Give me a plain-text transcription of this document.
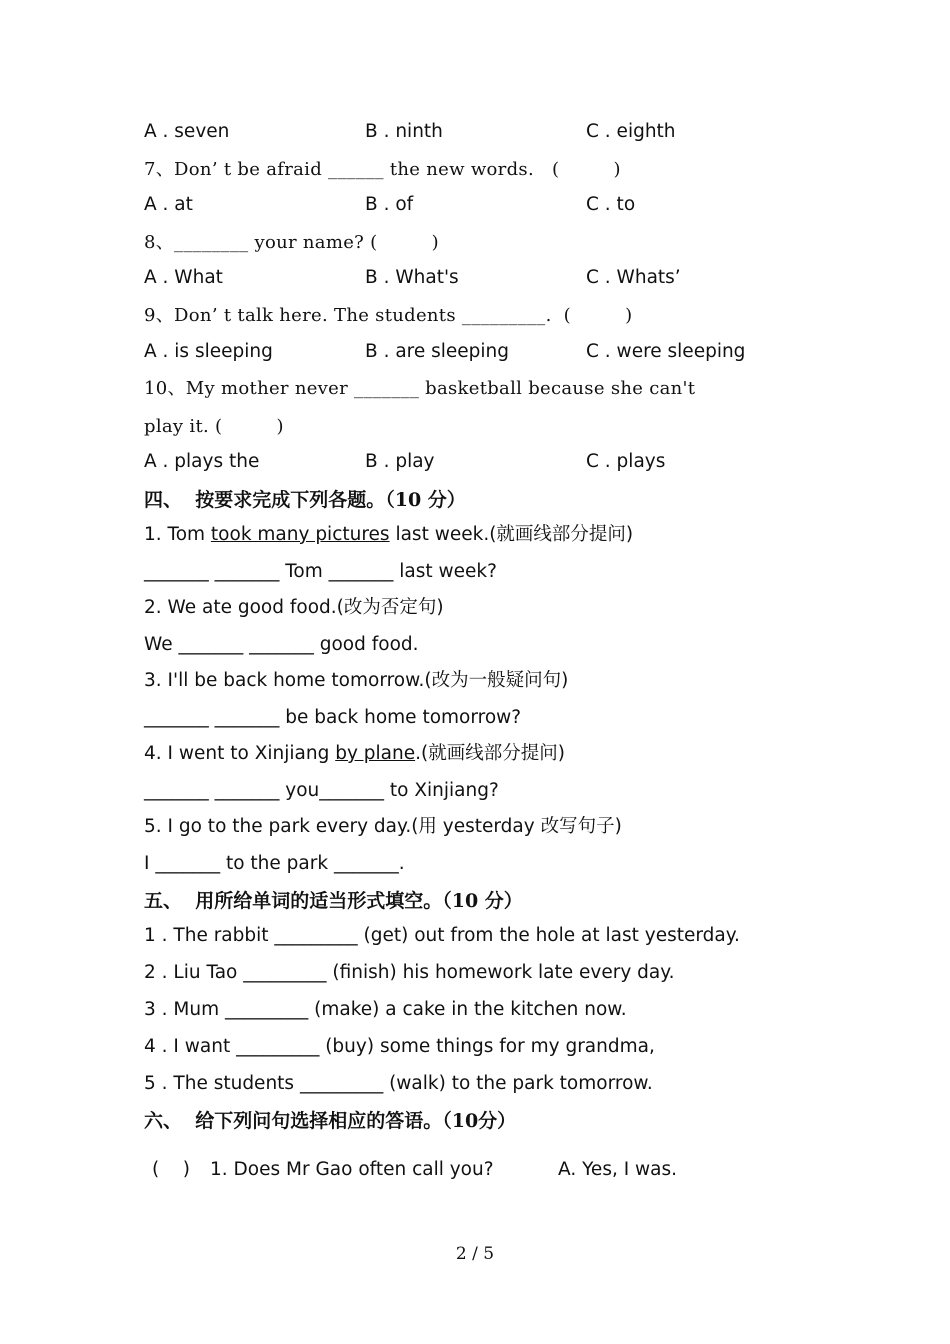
A . seven	B . ninth	C . eighth
7、Don’ t be afraid ______ the new words.   (         )
A . at	B . of	C . to
8、________ your name? (         )
A . What	B . What's	C . Whats’
9、Don’ t talk here. The students _________.  (         )
A . is sleeping	B . are sleeping	C . were sleeping
10、My mother never _______ basketball because she can't
play it. (         )
A . plays the	B . play	C . plays
四、  按要求完成下列各题。（10 分）
1. Tom took many pictures last week.(就画线部分提问)
_______ _______ Tom _______ last week?
2. We ate good food.(改为否定句)
We _______ _______ good food.
3. I'll be back home tomorrow.(改为一般疑问句)
_______ _______ be back home tomorrow?
4. I went to Xinjiang by plane.(就画线部分提问)
_______ _______ you_______ to Xinjiang?
5. I go to the park every day.(用 yesterday 改写句子)
I _______ to the park _______.
五、  用所给单词的适当形式填空。（10 分）
1 . The rabbit _________ (get) out from the hole at last yesterday.
2 . Liu Tao _________ (finish) his homework late every day.
3 . Mum _________ (make) a cake in the kitchen now.
4 . I want _________ (buy) some things for my grandma,
5 . The students _________ (walk) to the park tomorrow.
六、  给下列问句选择相应的答语。（10分）
(    ) 1. Does Mr Gao often call you?	A. Yes, I was.
2 / 5
